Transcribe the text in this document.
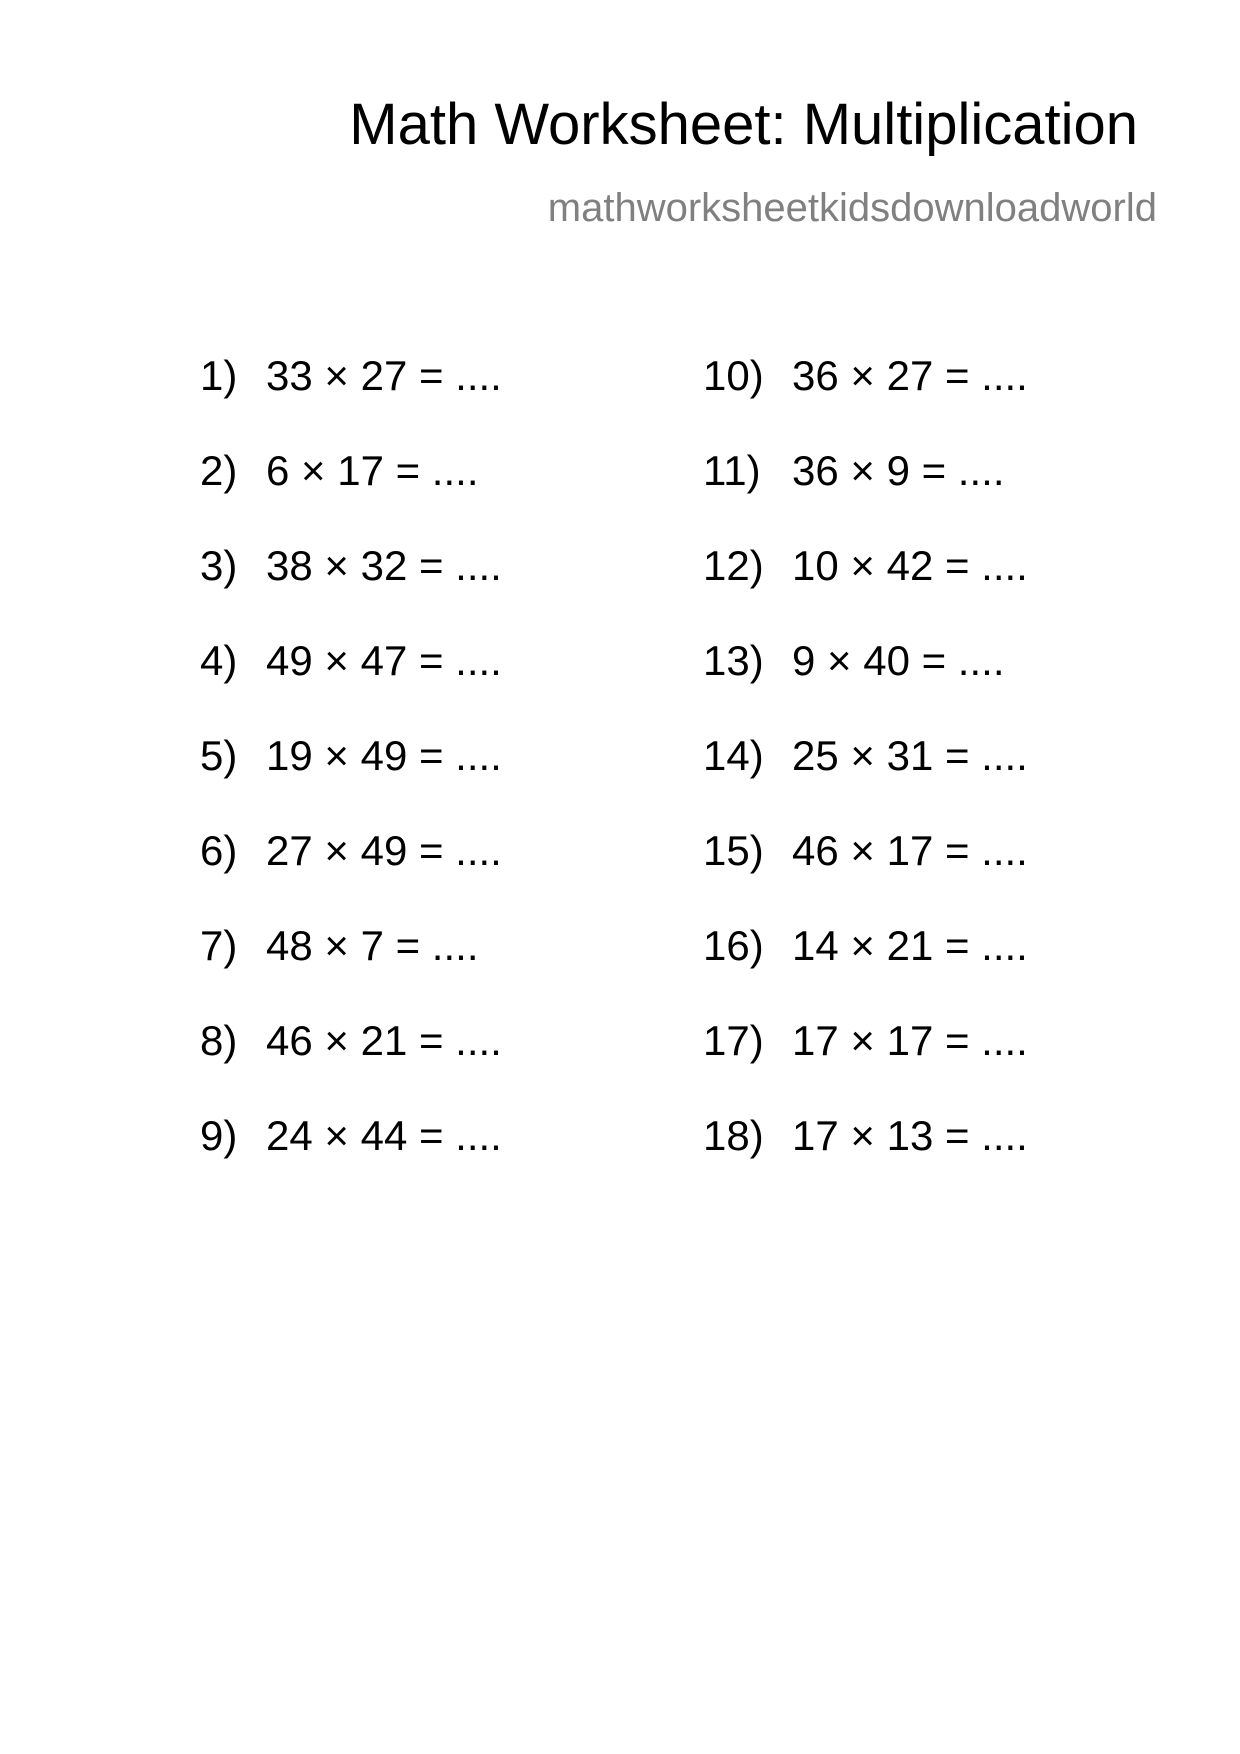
Math Worksheet: Multiplication
mathworksheetkidsdownloadworld
1) 33 × 27 = ....
2) 6 × 17 = ....
3) 38 × 32 = ....
4) 49 × 47 = ....
5) 19 × 49 = ....
6) 27 × 49 = ....
7) 48 × 7 = ....
8) 46 × 21 = ....
9) 24 × 44 = ....
10) 36 × 27 = ....
11) 36 × 9 = ....
12) 10 × 42 = ....
13) 9 × 40 = ....
14) 25 × 31 = ....
15) 46 × 17 = ....
16) 14 × 21 = ....
17) 17 × 17 = ....
18) 17 × 13 = ....
